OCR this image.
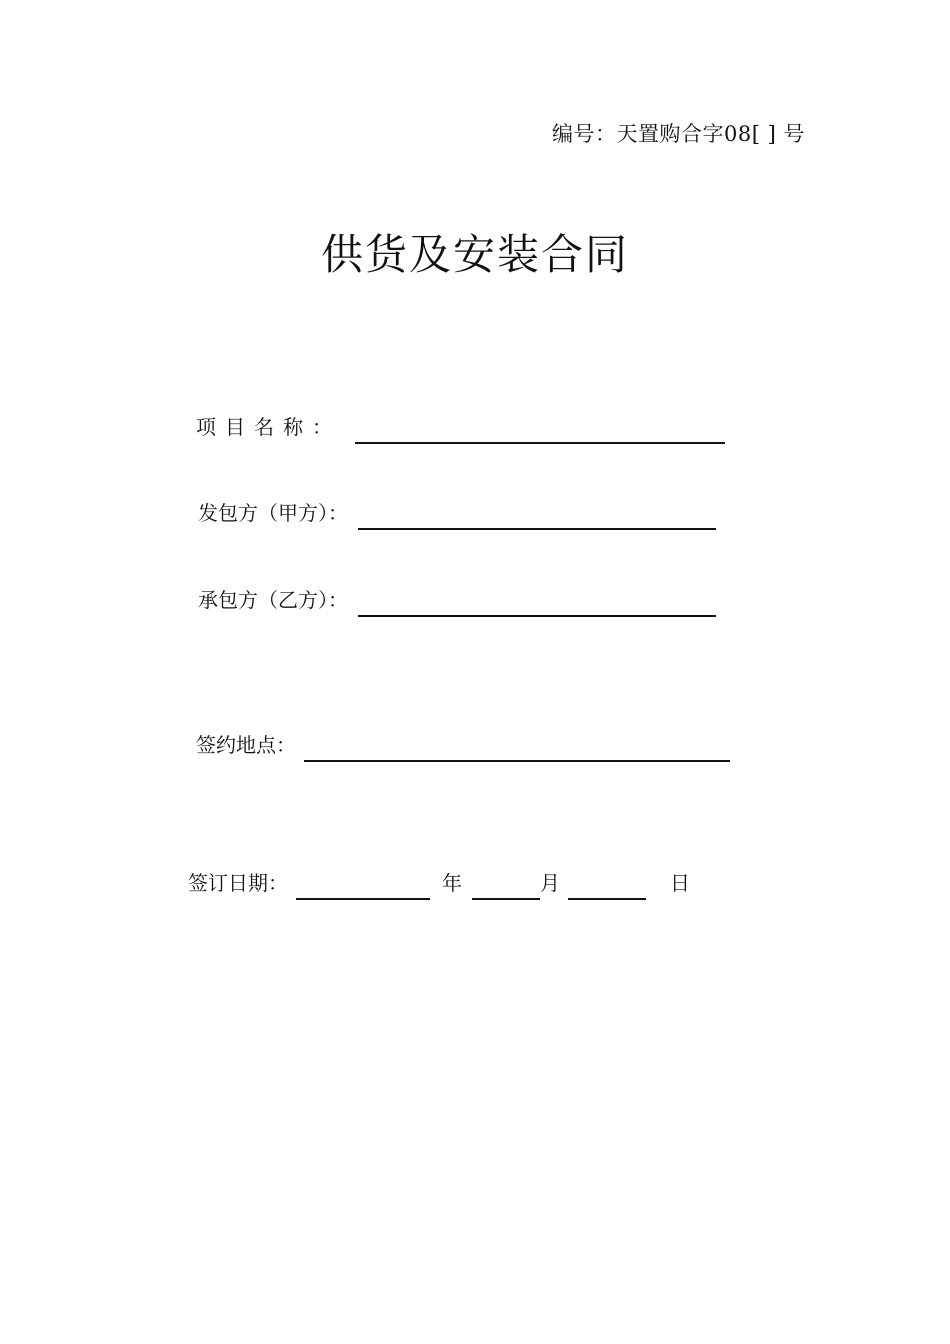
编号：天置购合字08[ ] 号
供货及安装合同
项目名称：
发包方（甲方）：
承包方（乙方）：
签约地点：
签订日期：	年	月	日
